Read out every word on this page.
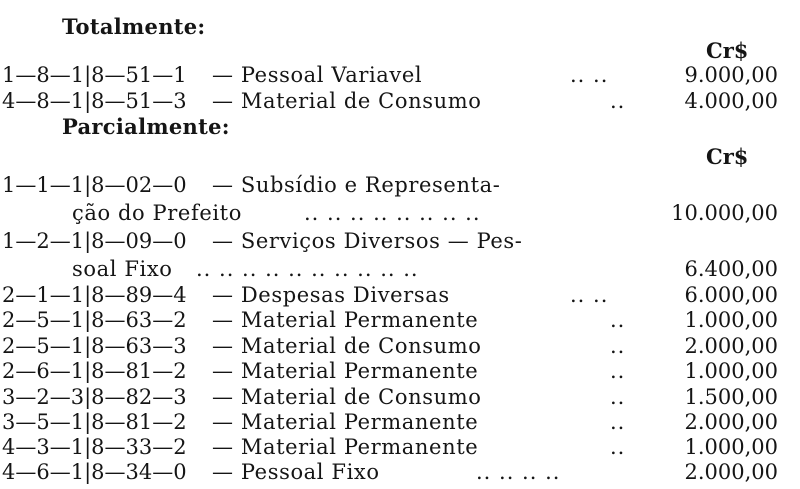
Totalmente:
Cr$
1—8—1|8—51—1 — Pessoal Variavel	.. ..	9.000,00
4—8—1|8—51—3 — Material de Consumo	..	4.000,00
Parcialmente:
Cr$
1—1—1|8—02—0 — Subsídio e Representa-
ção do Prefeito	.. .. .. .. .. .. .. ..	10.000,00
1—2—1|8—09—0 — Serviços Diversos — Pes-
soal Fixo .. .. .. .. .. .. .. .. .. ..	6.400,00
2—1—1|8—89—4 — Despesas Diversas	.. ..	6.000,00
2—5—1|8—63—2 — Material Permanente	..	1.000,00
2—5—1|8—63—3 — Material de Consumo	..	2.000,00
2—6—1|8—81—2 — Material Permanente	..	1.000,00
3—2—3|8—82—3 — Material de Consumo	..	1.500,00
3—5—1|8—81—2 — Material Permanente	..	2.000,00
4—3—1|8—33—2 — Material Permanente	..	1.000,00
4—6—1|8—34—0 — Pessoal Fixo	.. .. .. ..	2.000,00
